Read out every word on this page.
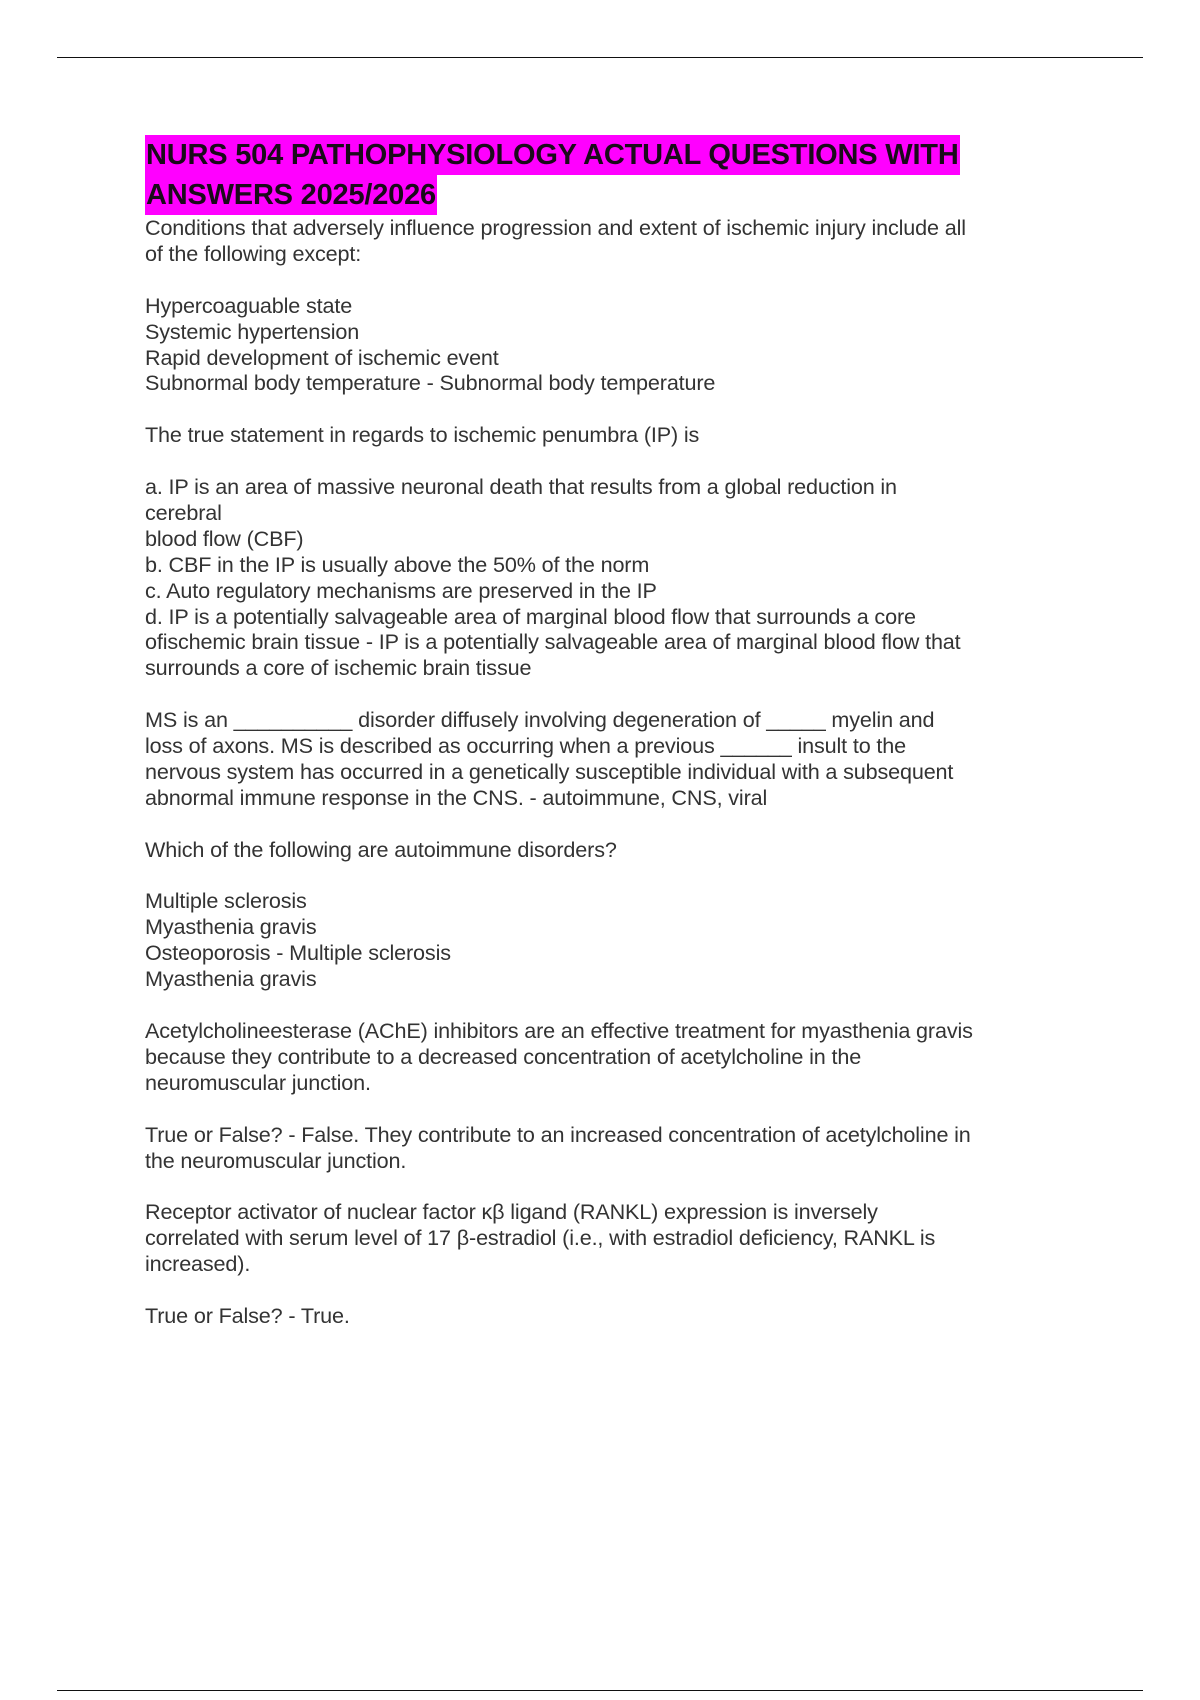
NURS 504 PATHOPHYSIOLOGY ACTUAL QUESTIONS WITH
ANSWERS 2025/2026
Conditions that adversely influence progression and extent of ischemic injury include all
of the following except:
Hypercoaguable state
Systemic hypertension
Rapid development of ischemic event
Subnormal body temperature - Subnormal body temperature
The true statement in regards to ischemic penumbra (IP) is
a. IP is an area of massive neuronal death that results from a global reduction in
cerebral
blood flow (CBF)
b. CBF in the IP is usually above the 50% of the norm
c. Auto regulatory mechanisms are preserved in the IP
d. IP is a potentially salvageable area of marginal blood flow that surrounds a core
ofischemic brain tissue - IP is a potentially salvageable area of marginal blood flow that
surrounds a core of ischemic brain tissue
MS is an __________ disorder diffusely involving degeneration of _____ myelin and
loss of axons. MS is described as occurring when a previous ______ insult to the
nervous system has occurred in a genetically susceptible individual with a subsequent
abnormal immune response in the CNS. - autoimmune, CNS, viral
Which of the following are autoimmune disorders?
Multiple sclerosis
Myasthenia gravis
Osteoporosis - Multiple sclerosis
Myasthenia gravis
Acetylcholineesterase (AChE) inhibitors are an effective treatment for myasthenia gravis
because they contribute to a decreased concentration of acetylcholine in the
neuromuscular junction.
True or False? - False. They contribute to an increased concentration of acetylcholine in
the neuromuscular junction.
Receptor activator of nuclear factor κβ ligand (RANKL) expression is inversely
correlated with serum level of 17 β-estradiol (i.e., with estradiol deficiency, RANKL is
increased).
True or False? - True.
